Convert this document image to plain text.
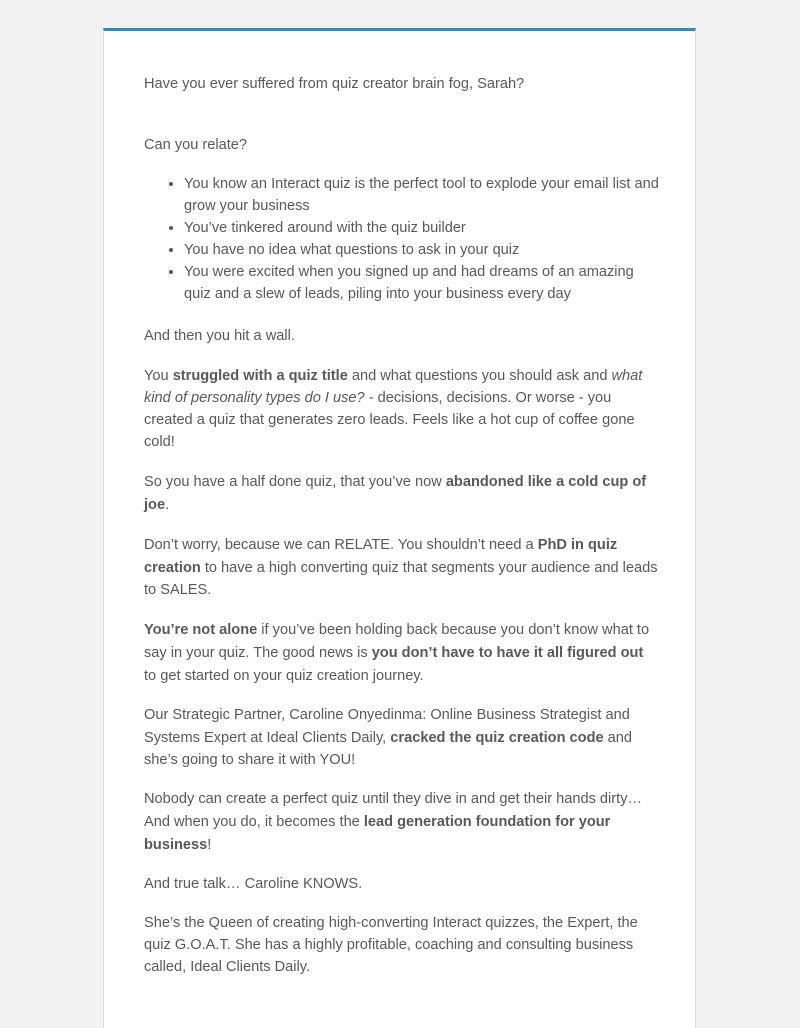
Have you ever suffered from quiz creator brain fog, Sarah?

Can you relate?

• You know an Interact quiz is the perfect tool to explode your email list and grow your business
• You’ve tinkered around with the quiz builder
• You have no idea what questions to ask in your quiz
• You were excited when you signed up and had dreams of an amazing quiz and a slew of leads, piling into your business every day

And then you hit a wall.

You struggled with a quiz title and what questions you should ask and what kind of personality types do I use? - decisions, decisions. Or worse - you created a quiz that generates zero leads. Feels like a hot cup of coffee gone cold!

So you have a half done quiz, that you’ve now abandoned like a cold cup of joe.

Don’t worry, because we can RELATE. You shouldn’t need a PhD in quiz creation to have a high converting quiz that segments your audience and leads to SALES.

You’re not alone if you’ve been holding back because you don’t know what to say in your quiz. The good news is you don’t have to have it all figured out to get started on your quiz creation journey.

Our Strategic Partner, Caroline Onyedinma: Online Business Strategist and Systems Expert at Ideal Clients Daily, cracked the quiz creation code and she’s going to share it with YOU!

Nobody can create a perfect quiz until they dive in and get their hands dirty… And when you do, it becomes the lead generation foundation for your business!

And true talk… Caroline KNOWS.

She’s the Queen of creating high-converting Interact quizzes, the Expert, the quiz G.O.A.T. She has a highly profitable, coaching and consulting business called, Ideal Clients Daily.
